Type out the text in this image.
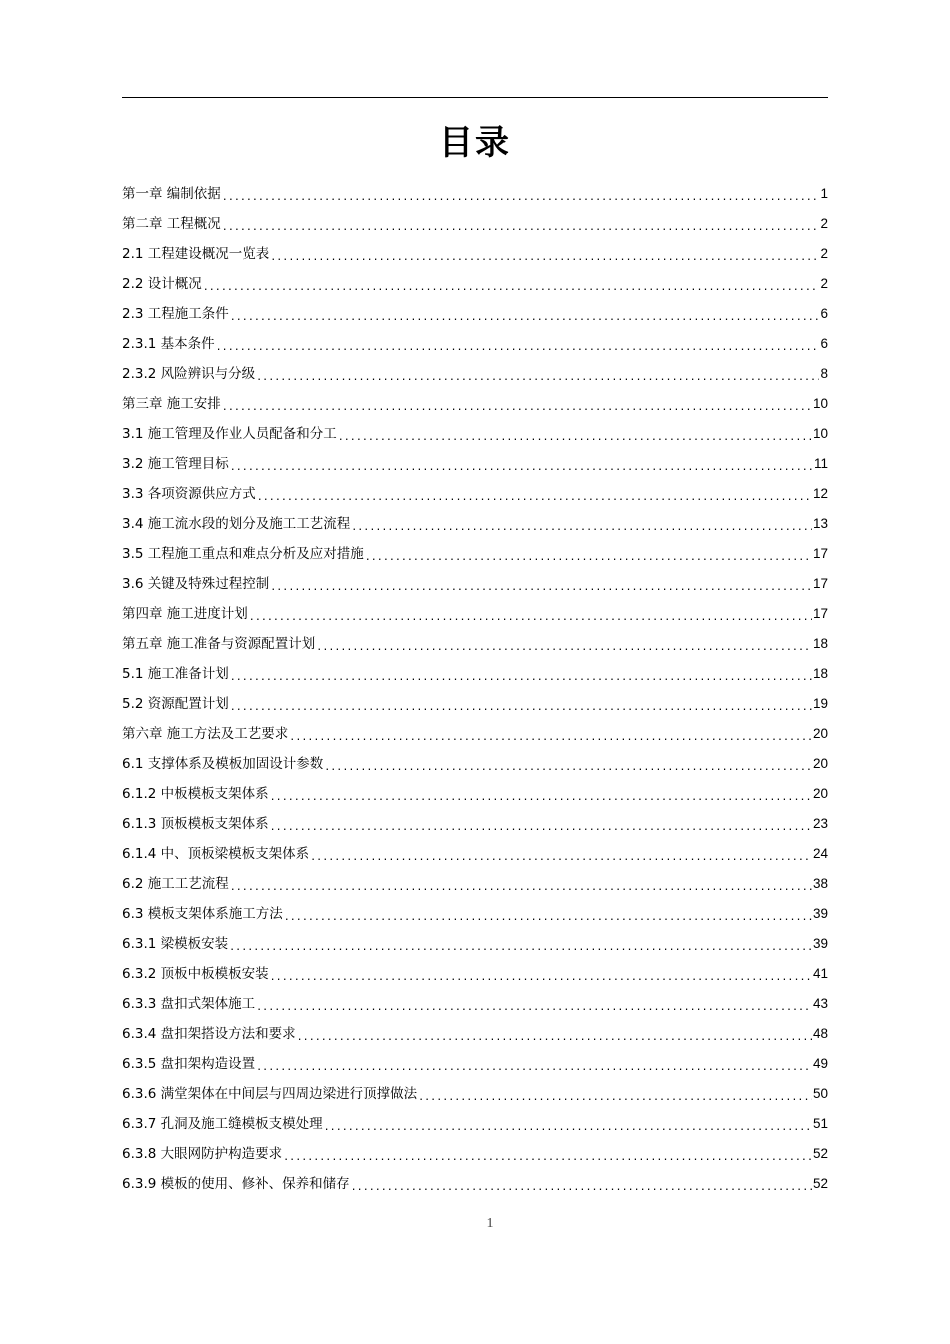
目录
第一章 编制依据 .....	1
第二章 工程概况 .....	2
2.1 工程建设概况一览表 .....	2
2.2 设计概况 .....	2
2.3 工程施工条件 .....	6
2.3.1 基本条件 .....	6
2.3.2 风险辨识与分级 .....	8
第三章 施工安排 .....	10
3.1 施工管理及作业人员配备和分工 .....	10
3.2 施工管理目标 .....	11
3.3 各项资源供应方式 .....	12
3.4 施工流水段的划分及施工工艺流程 .....	13
3.5 工程施工重点和难点分析及应对措施 .....	17
3.6 关键及特殊过程控制 .....	17
第四章 施工进度计划 .....	17
第五章 施工准备与资源配置计划 .....	18
5.1 施工准备计划 .....	18
5.2 资源配置计划 .....	19
第六章 施工方法及工艺要求 .....	20
6.1 支撑体系及模板加固设计参数 .....	20
6.1.2 中板模板支架体系 .....	20
6.1.3 顶板模板支架体系 .....	23
6.1.4 中、顶板梁模板支架体系 .....	24
6.2 施工工艺流程 .....	38
6.3 模板支架体系施工方法 .....	39
6.3.1 梁模板安装 .....	39
6.3.2 顶板中板模板安装 .....	41
6.3.3 盘扣式架体施工 .....	43
6.3.4 盘扣架搭设方法和要求 .....	48
6.3.5 盘扣架构造设置 .....	49
6.3.6 满堂架体在中间层与四周边梁进行顶撑做法 .....	50
6.3.7 孔洞及施工缝模板支模处理 .....	51
6.3.8 大眼网防护构造要求 .....	52
6.3.9 模板的使用、修补、保养和储存 .....	52
1
